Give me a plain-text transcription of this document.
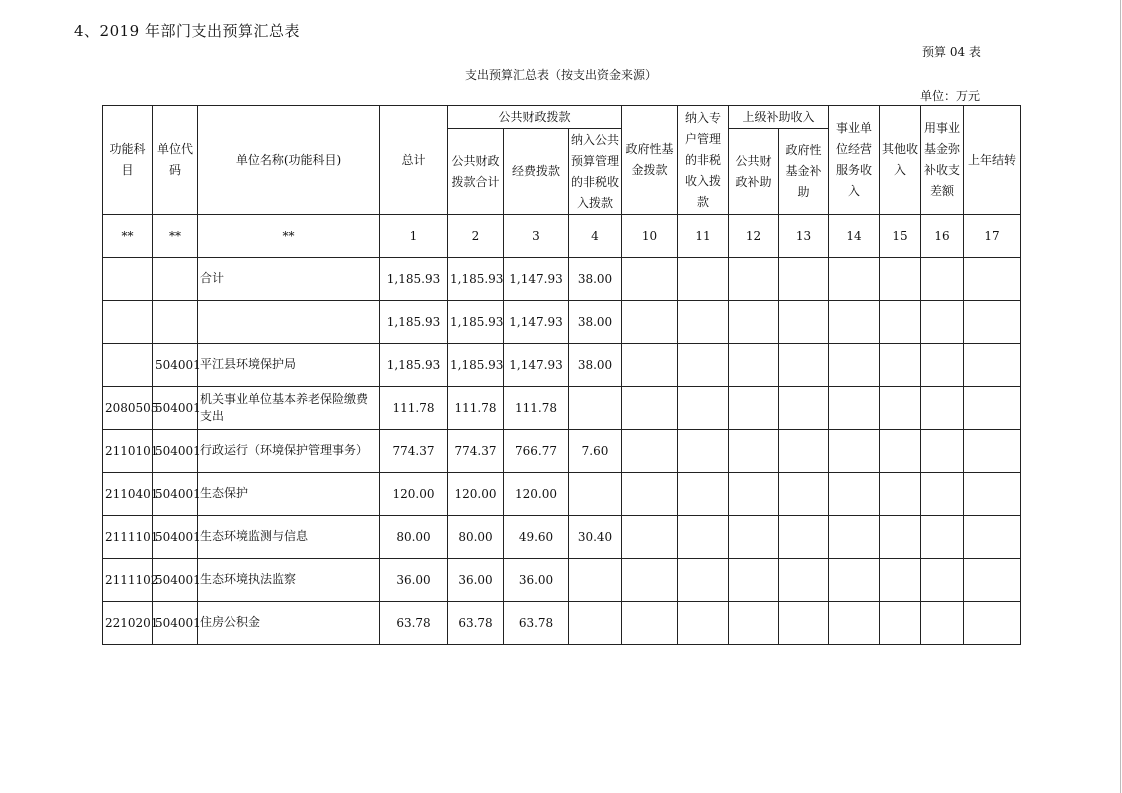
4、2019 年部门支出预算汇总表
预算 04 表
支出预算汇总表（按支出资金来源）
单位：万元
功能科目	单位代码	单位名称(功能科目)	总计	公共财政拨款			政府性基金拨款	纳入专户管理的非税收入拨款	上级补助收入		事业单位经营服务收入	其他收入	用事业基金弥补收支差额	上年结转
				公共财政拨款合计	经费拨款	纳入公共预算管理的非税收入拨款			公共财政补助	政府性基金补助				
**	**	**	1	2	3	4	10	11	12	13	14	15	16	17
		合计	1,185.93	1,185.93	1,147.93	38.00								
			1,185.93	1,185.93	1,147.93	38.00								
	504001	平江县环境保护局	1,185.93	1,185.93	1,147.93	38.00								
2080505	504001	机关事业单位基本养老保险缴费支出	111.78	111.78	111.78									
2110101	504001	行政运行（环境保护管理事务）	774.37	774.37	766.77	7.60								
2110401	504001	生态保护	120.00	120.00	120.00									
2111101	504001	生态环境监测与信息	80.00	80.00	49.60	30.40								
2111102	504001	生态环境执法监察	36.00	36.00	36.00									
2210201	504001	住房公积金	63.78	63.78	63.78									
